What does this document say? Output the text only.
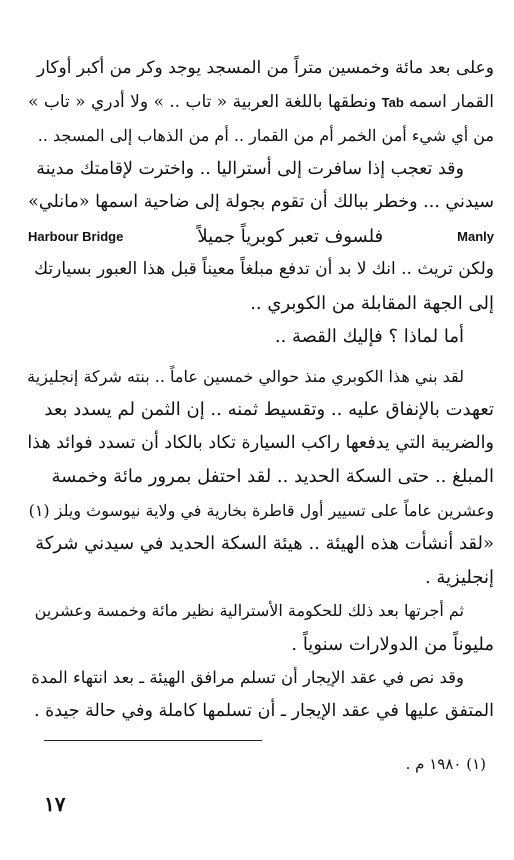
وعلى بعد مائة وخمسين متراً من المسجد يوجد وكر من أكبر أوكار
القمار اسمه
Tab
ونطقها باللغة العربية « تاب .. » ولا أدري « تاب »
من أي شيء أمن الخمر أم من القمار .. أم من الذهاب إلى المسجد ..
وقد تعجب إذا سافرت إلى أستراليا .. واخترت لإقامتك مدينة
سيدني ... وخطر ببالك أن تقوم بجولة إلى ضاحية اسمها «مانلي»
Manly
فلسوف تعبر كوبرياً جميلاً
Harbour Bridge
ولكن تريث .. انك لا بد أن تدفع مبلغاً معيناً قبل هذا العبور بسيارتك
إلى الجهة المقابلة من الكوبري ..
أما لماذا ؟ فإليك القصة ..
لقد بني هذا الكوبري منذ حوالي خمسين عاماً .. بنته شركة إنجليزية
تعهدت بالإنفاق عليه .. وتقسيط ثمنه .. إن الثمن لم يسدد بعد
والضريبة التي يدفعها راكب السيارة تكاد بالكاد أن تسدد فوائد هذا
المبلغ .. حتى السكة الحديد .. لقد احتفل بمرور مائة وخمسة
وعشرين عاماً على تسيير أول قاطرة بخارية في ولاية نيوسوث ويلز (١)
«لقد أنشأت هذه الهيئة .. هيئة السكة الحديد في سيدني شركة
إنجليزية .
ثم أجرتها بعد ذلك للحكومة الأسترالية نظير مائة وخمسة وعشرين
مليوناً من الدولارات سنوياً .
وقد نص في عقد الإيجار أن تسلم مرافق الهيئة ـ بعد انتهاء المدة
المتفق عليها في عقد الإيجار ـ أن تسلمها كاملة وفي حالة جيدة .
(١) ١٩٨٠ م .
١٧
